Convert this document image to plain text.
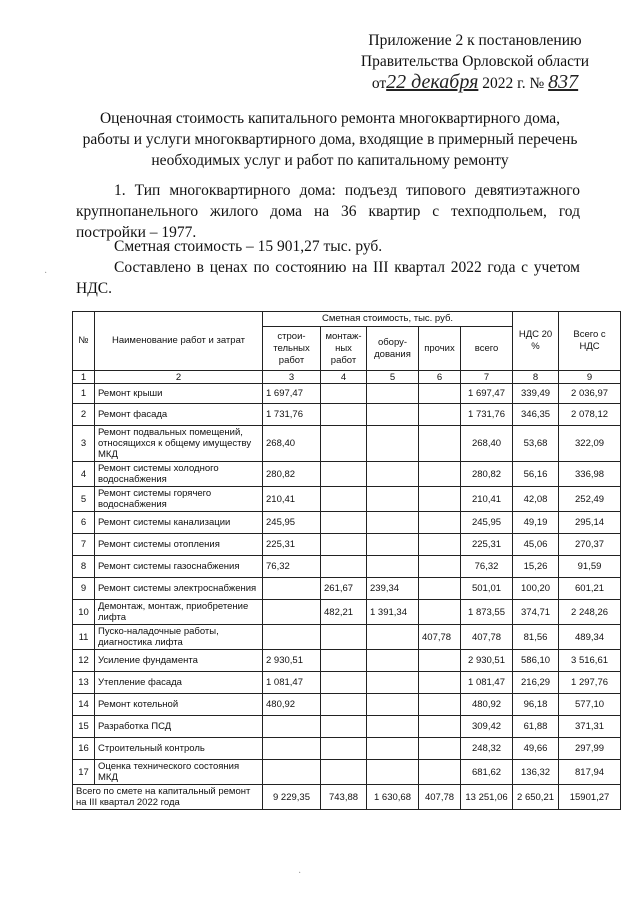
Приложение 2 к постановлению
Правительства Орловской области
от22 декабря 2022 г. № 837
Оценочная стоимость капитального ремонта многоквартирного дома,
работы и услуги многоквартирного дома, входящие в примерный перечень
необходимых услуг и работ по капитальному ремонту
1. Тип многоквартирного дома: подъезд типового девятиэтажного крупнопанельного жилого дома на 36 квартир с техподпольем, год постройки – 1977.
Сметная стоимость – 15 901,27 тыс. руб.
Составлено в ценах по состоянию на III квартал 2022 года с учетом НДС.
№	Наименование работ и затрат	Сметная стоимость, тыс. руб.					НДС 20 %	Всего с НДС
		строи-тельных работ	монтаж-ных работ	обору-дования	прочих	всего		
1	2	3	4	5	6	7	8	9
1	Ремонт крыши	1 697,47				1 697,47	339,49	2 036,97
2	Ремонт фасада	1 731,76				1 731,76	346,35	2 078,12
3	Ремонт подвальных помещений, относящихся к общему имуществу МКД	268,40				268,40	53,68	322,09
4	Ремонт системы холодного водоснабжения	280,82				280,82	56,16	336,98
5	Ремонт системы горячего водоснабжения	210,41				210,41	42,08	252,49
6	Ремонт системы канализации	245,95				245,95	49,19	295,14
7	Ремонт системы отопления	225,31				225,31	45,06	270,37
8	Ремонт системы газоснабжения	76,32				76,32	15,26	91,59
9	Ремонт системы электроснабжения		261,67	239,34		501,01	100,20	601,21
10	Демонтаж, монтаж, приобретение лифта		482,21	1 391,34		1 873,55	374,71	2 248,26
11	Пуско-наладочные работы, диагностика лифта				407,78	407,78	81,56	489,34
12	Усиление фундамента	2 930,51				2 930,51	586,10	3 516,61
13	Утепление фасада	1 081,47				1 081,47	216,29	1 297,76
14	Ремонт котельной	480,92				480,92	96,18	577,10
15	Разработка ПСД					309,42	61,88	371,31
16	Строительный контроль					248,32	49,66	297,99
17	Оценка технического состояния МКД					681,62	136,32	817,94
Всего по смете на капитальный ремонт на III квартал 2022 года		9 229,35	743,88	1 630,68	407,78	13 251,06	2 650,21	15901,27
·
·
